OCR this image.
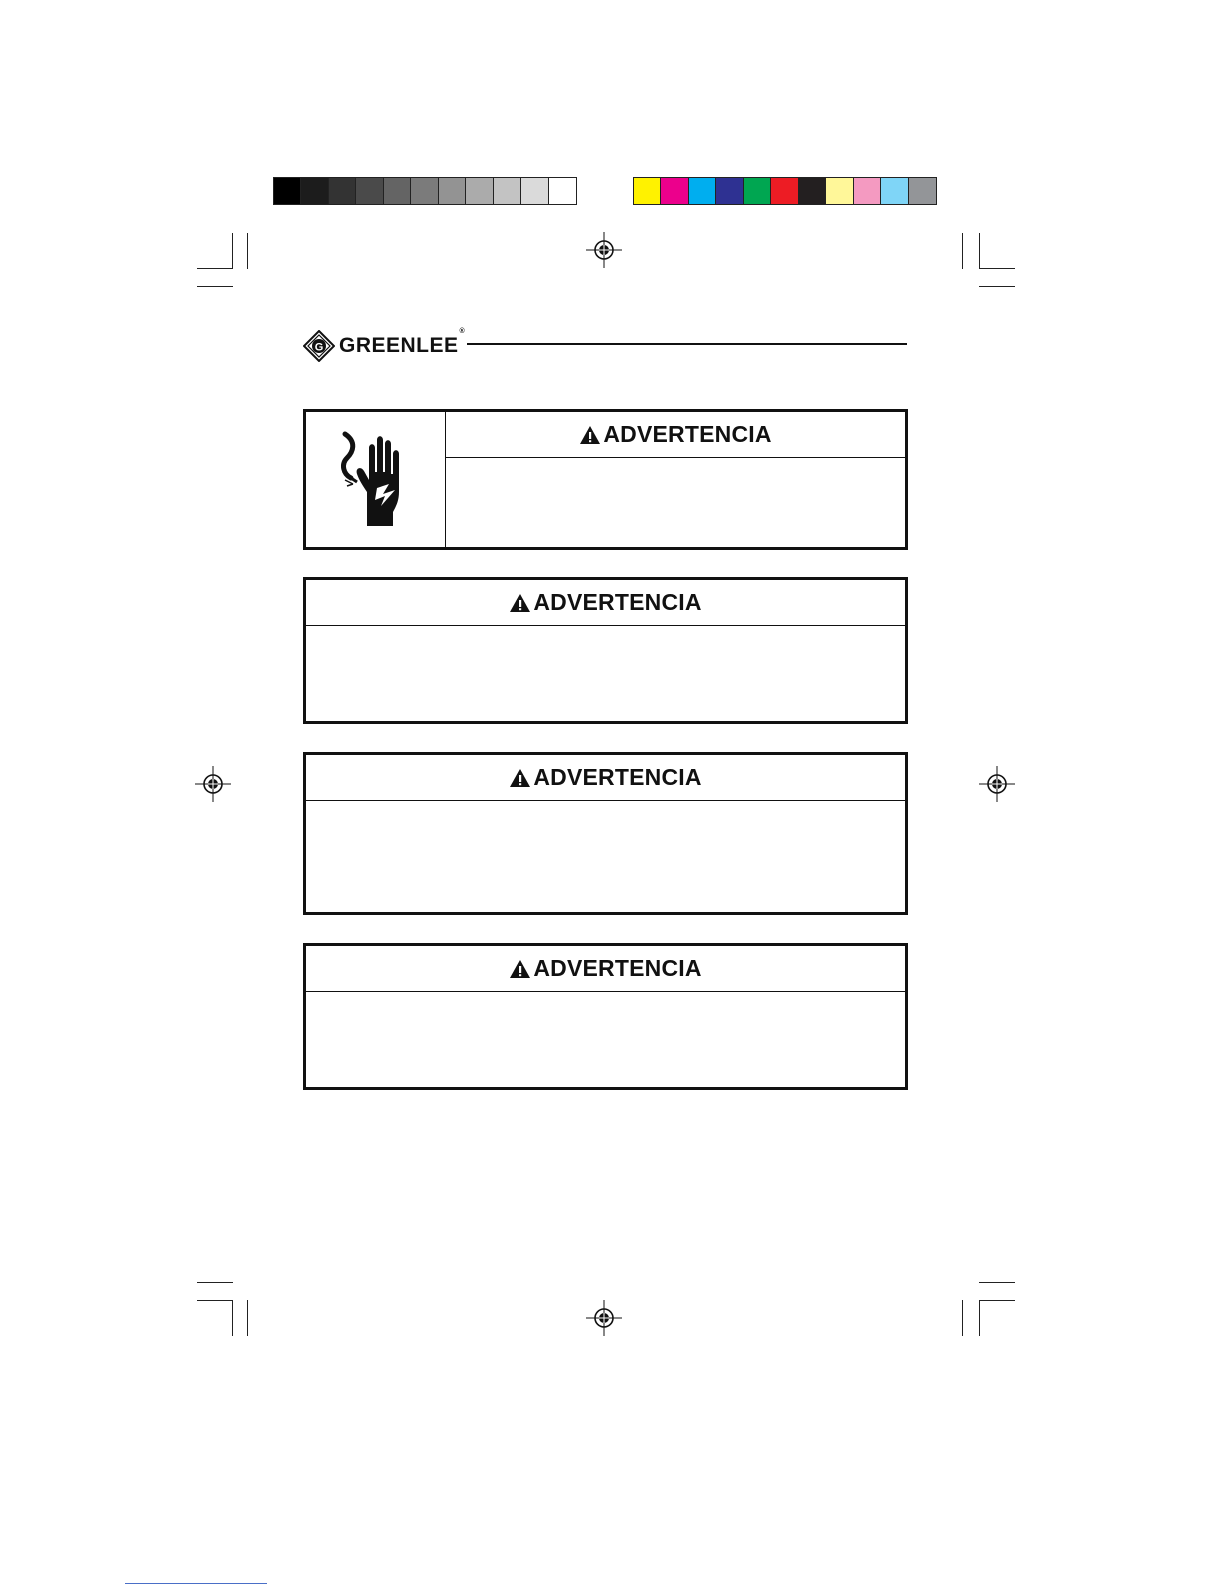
G GREENLEE®
ADVERTENCIA
ADVERTENCIA
ADVERTENCIA
ADVERTENCIA
